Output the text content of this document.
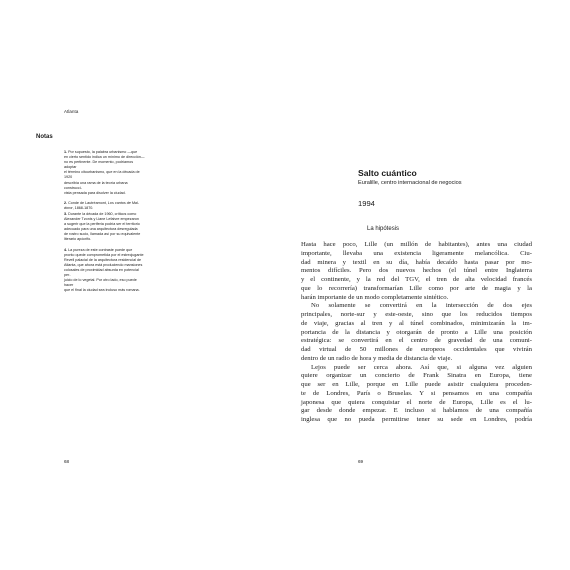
Atlanta
Notas
1. Por supuesto, la palabra urbanismo —que
en cierto sentido indica un mínimo de dirección—
no es pertinente. De momento, podríamos adoptar
el término citourbanismo, que en la década de 1920
describía una rama de la teoría urbana construcci-
vista pensada para disolver la ciudad.
2. Conde de Lautréamont, Los cantos de Mal-
doror, 1868-1870.
3. Durante la década de 1960, críticos como
Alexander Tzonis y Liane Lefaivre empezaron
a sugerir que la periferia podría ser el territorio
adecuado para una arquitectura desregulada
de rostro sucio, llamada así por su equivalente
literario apócrifo.
4. La pureza de este contraste puede que
pronto quede comprometida por el estrecjugante
Revell palacial de la arquitectura residencial de
Atlanta, que ahora está produciendo mansiones
colosales de proximidad absurda en potencial per-
juicio de lo vegetal. Por otro lado, eso puede hacer
que el final la ciudad sea incluso más romana.
68
Salto cuántico
Euralille, centro internacional de negocios
1994
La hipótesis
Hasta hace poco, Lille (un millón de habitantes), antes una ciudad
importante, llevaba una existencia ligeramente melancólica. Ciu-
dad minera y textil en su día, había decaído hasta pasar por mo-
mentos difíciles. Pero dos nuevos hechos (el túnel entre Inglaterra
y el continente, y la red del TGV, el tren de alta velocidad francés
que lo recorrería) transformarían Lille como por arte de magia y la
harán importante de un modo completamente sintético.
No solamente se convertirá en la intersección de dos ejes
principales, norte-sur y este-oeste, sino que los reducidos tiempos
de viaje, gracias al tren y al túnel combinados, minimizarán la im-
portancia de la distancia y otorgarán de pronto a Lille una posición
estratégica: se convertirá en el centro de gravedad de una comuni-
dad virtual de 50 millones de europeos occidentales que vivirán
dentro de un radio de hora y media de distancia de viaje.
Lejos puede ser cerca ahora. Así que, si alguna vez alguien
quiere organizar un concierto de Frank Sinatra en Europa, tiene
que ser en Lille, porque en Lille puede asistir cualquiera proceden-
te de Londres, París o Bruselas. Y si pensamos en una compañía
japonesa que quiera conquistar el norte de Europa, Lille es el lu-
gar desde donde empezar. E incluso si hablamos de una compañía
inglesa que no pueda permitirse tener su sede en Londres, podría
69
